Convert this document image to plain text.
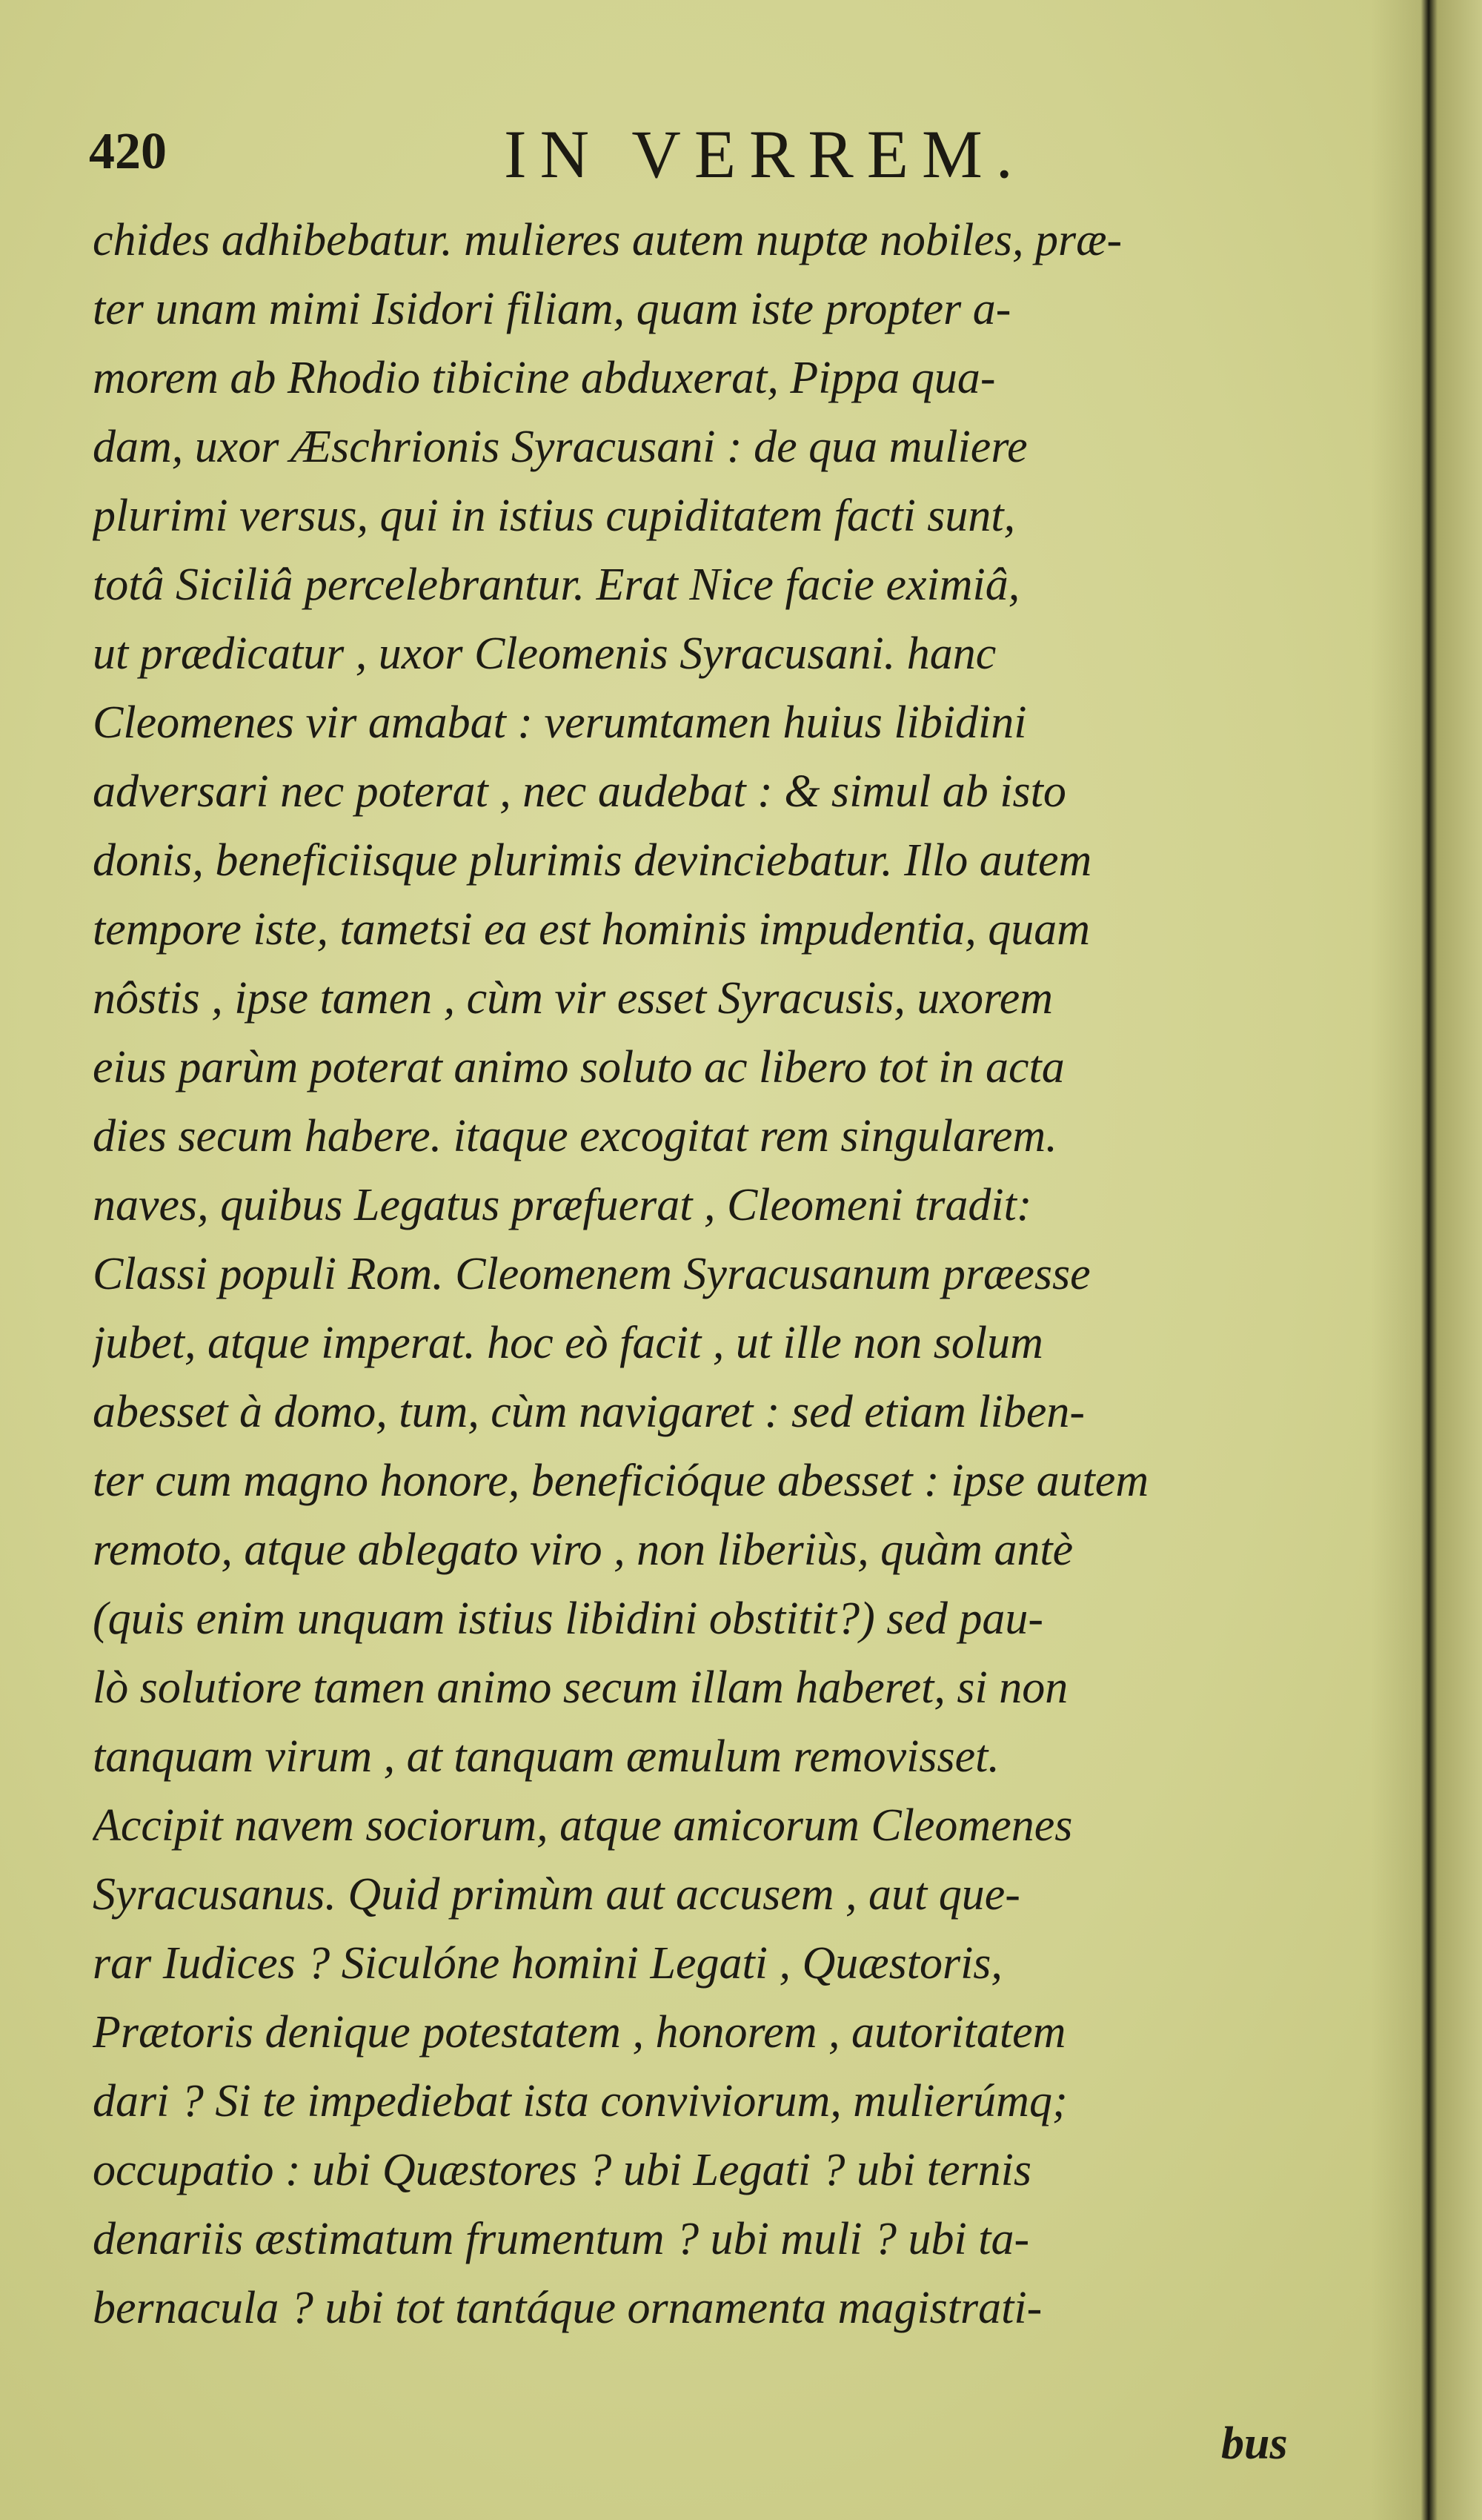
420	IN VERREM.
chides adhibebatur. mulieres autem nuptæ nobiles, præ-
ter unam mimi Isidori filiam, quam iste propter a-
morem ab Rhodio tibicine abduxerat, Pippa qua-
dam, uxor Æschrionis Syracusani : de qua muliere
plurimi versus, qui in istius cupiditatem facti sunt,
totâ Siciliâ percelebrantur. Erat Nice facie eximiâ,
ut prædicatur , uxor Cleomenis Syracusani. hanc
Cleomenes vir amabat : verumtamen huius libidini
adversari nec poterat , nec audebat : & simul ab isto
donis, beneficiisque plurimis devinciebatur. Illo autem
tempore iste, tametsi ea est hominis impudentia, quam
nôstis , ipse tamen , cùm vir esset Syracusis, uxorem
eius parùm poterat animo soluto ac libero tot in acta
dies secum habere. itaque excogitat rem singularem.
naves, quibus Legatus præfuerat , Cleomeni tradit:
Classi populi Rom. Cleomenem Syracusanum præesse
jubet, atque imperat. hoc eò facit , ut ille non solum
abesset à domo, tum, cùm navigaret : sed etiam liben-
ter cum magno honore, beneficióque abesset : ipse autem
remoto, atque ablegato viro , non liberiùs, quàm antè
(quis enim unquam istius libidini obstitit?) sed pau-
lò solutiore tamen animo secum illam haberet, si non
tanquam virum , at tanquam æmulum removisset.
Accipit navem sociorum, atque amicorum Cleomenes
Syracusanus. Quid primùm aut accusem , aut que-
rar Iudices ? Siculóne homini Legati , Quæstoris,
Prætoris denique potestatem , honorem , autoritatem
dari ? Si te impediebat ista conviviorum, mulierúmq;
occupatio : ubi Quæstores ? ubi Legati ? ubi ternis
denariis æstimatum frumentum ? ubi muli ? ubi ta-
bernacula ? ubi tot tantáque ornamenta magistrati-
bus
